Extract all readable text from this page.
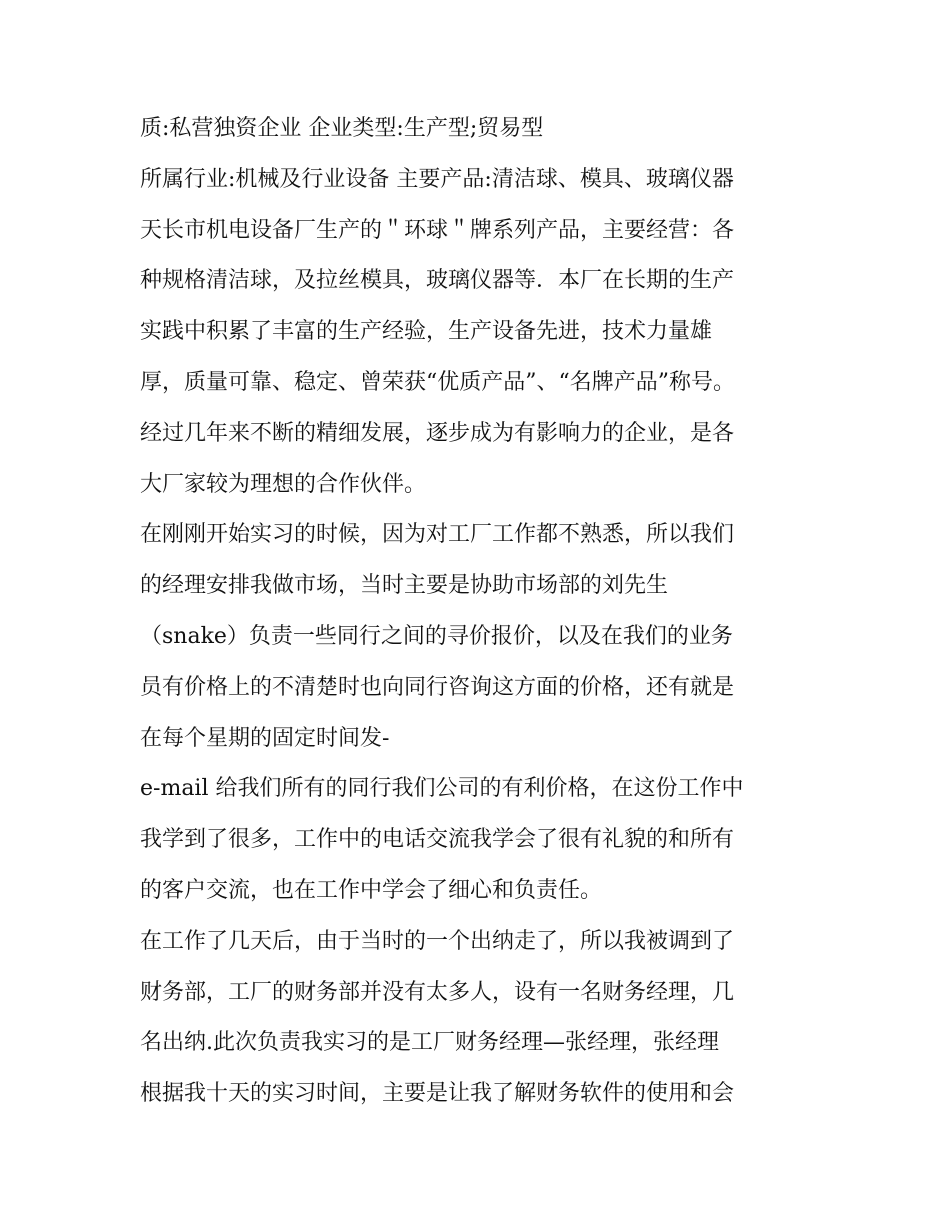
质:私营独资企业 企业类型:生产型;贸易型
所属行业:机械及行业设备 主要产品:清洁球、模具、玻璃仪器
天长市机电设备厂生产的＂环球＂牌系列产品，主要经营：各
种规格清洁球，及拉丝模具，玻璃仪器等．本厂在长期的生产
实践中积累了丰富的生产经验，生产设备先进，技术力量雄
厚，质量可靠、稳定、曾荣获“优质产品”、“名牌产品”称号。
经过几年来不断的精细发展，逐步成为有影响力的企业，是各
大厂家较为理想的合作伙伴。
在刚刚开始实习的时候，因为对工厂工作都不熟悉，所以我们
的经理安排我做市场，当时主要是协助市场部的刘先生
（snake）负责一些同行之间的寻价报价，以及在我们的业务
员有价格上的不清楚时也向同行咨询这方面的价格，还有就是
在每个星期的固定时间发-
e-mail 给我们所有的同行我们公司的有利价格，在这份工作中
我学到了很多，工作中的电话交流我学会了很有礼貌的和所有
的客户交流，也在工作中学会了细心和负责任。
在工作了几天后，由于当时的一个出纳走了，所以我被调到了
财务部，工厂的财务部并没有太多人，设有一名财务经理，几
名出纳.此次负责我实习的是工厂财务经理—张经理，张经理
根据我十天的实习时间，主要是让我了解财务软件的使用和会
